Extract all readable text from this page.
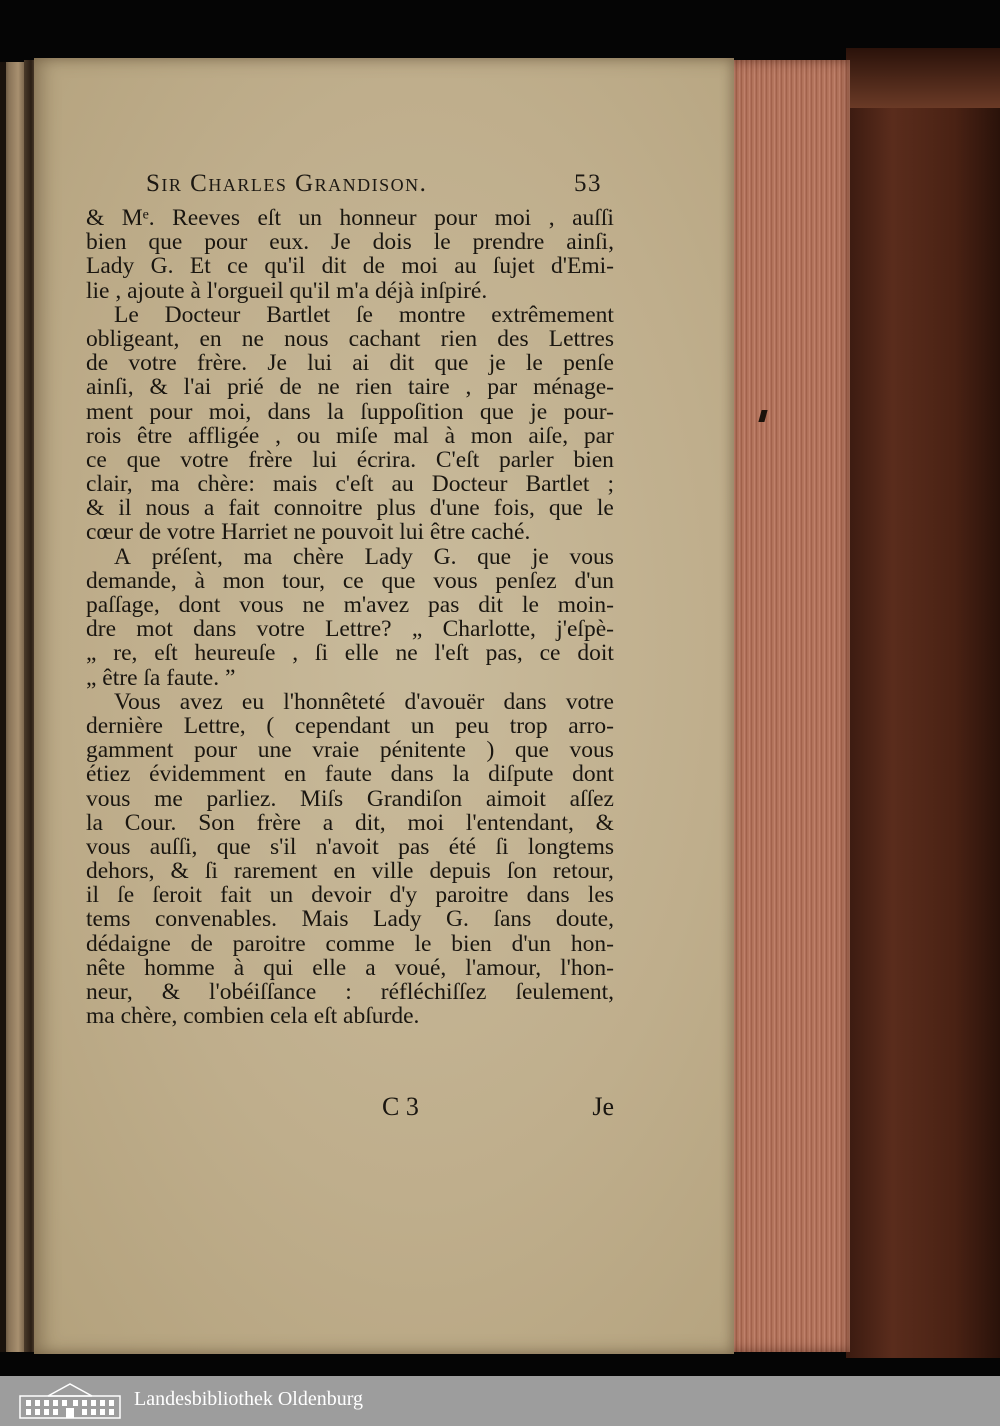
Sir Charles Grandison.	53
& Mᵉ. Reeves eſt un honneur pour moi , auſſi
bien que pour eux. Je dois le prendre ainſi,
Lady G. Et ce qu'il dit de moi au ſujet d'Emi-
lie , ajoute à l'orgueil qu'il m'a déjà inſpiré.
Le Docteur Bartlet ſe montre extrêmement
obligeant, en ne nous cachant rien des Lettres
de votre frère. Je lui ai dit que je le penſe
ainſi, & l'ai prié de ne rien taire , par ménage-
ment pour moi, dans la ſuppoſition que je pour-
rois être affligée , ou miſe mal à mon aiſe, par
ce que votre frère lui écrira. C'eſt parler bien
clair, ma chère: mais c'eſt au Docteur Bartlet ;
& il nous a fait connoitre plus d'une fois, que le
cœur de votre Harriet ne pouvoit lui être caché.
A préſent, ma chère Lady G. que je vous
demande, à mon tour, ce que vous penſez d'un
paſſage, dont vous ne m'avez pas dit le moin-
dre mot dans votre Lettre? „ Charlotte, j'eſpè-
„ re, eſt heureuſe , ſi elle ne l'eſt pas, ce doit
„ être ſa faute. ”
Vous avez eu l'honnêteté d'avouër dans votre
dernière Lettre, ( cependant un peu trop arro-
gamment pour une vraie pénitente ) que vous
étiez évidemment en faute dans la diſpute dont
vous me parliez. Miſs Grandiſon aimoit aſſez
la Cour. Son frère a dit, moi l'entendant, &
vous auſſi, que s'il n'avoit pas été ſi longtems
dehors, & ſi rarement en ville depuis ſon retour,
il ſe ſeroit fait un devoir d'y paroitre dans les
tems convenables. Mais Lady G. ſans doute,
dédaigne de paroitre comme le bien d'un hon-
nête homme à qui elle a voué, l'amour, l'hon-
neur, & l'obéiſſance : réfléchiſſez ſeulement,
ma chère, combien cela eſt abſurde.
C 3	Je
Landesbibliothek Oldenburg
